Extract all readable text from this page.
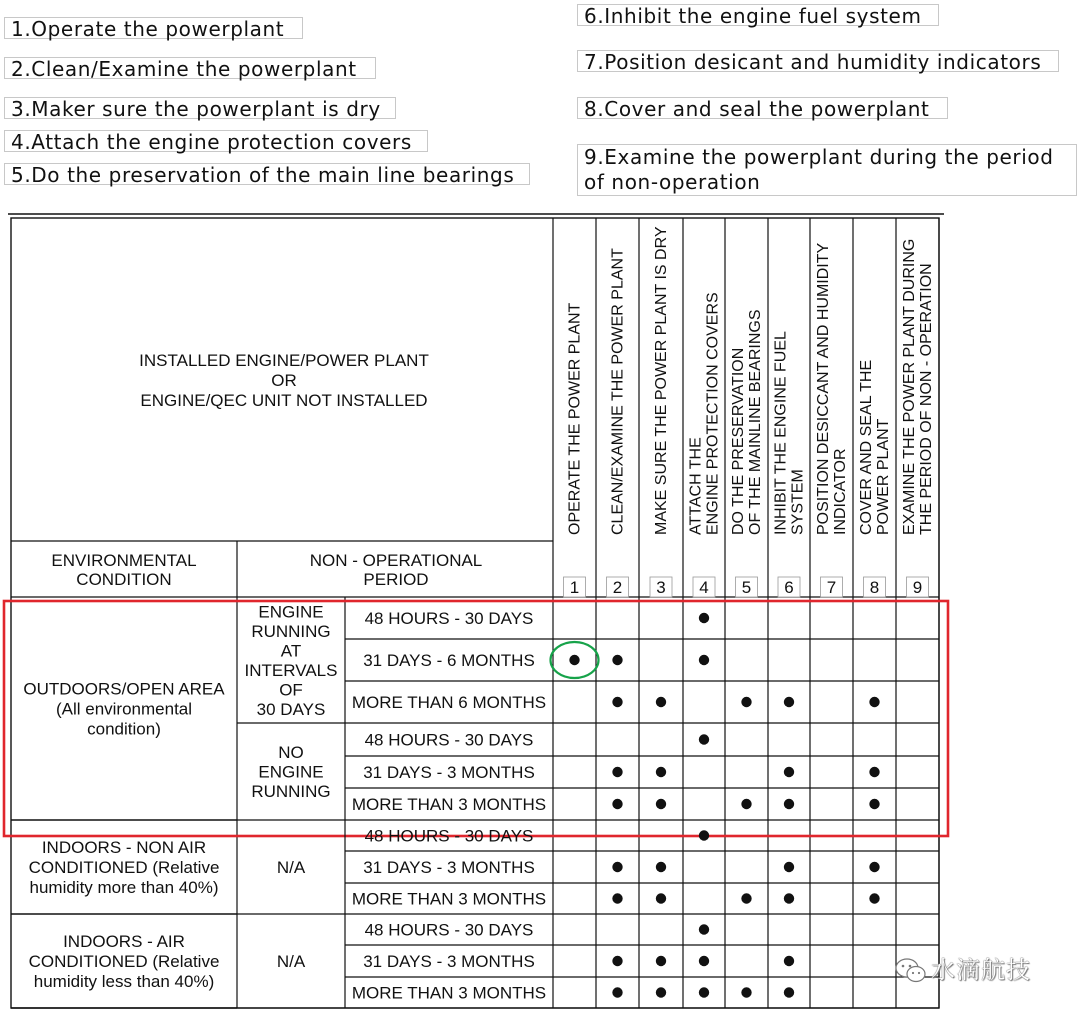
1.Operate the powerplant
2.Clean/Examine the powerplant
3.Maker sure the powerplant is dry
4.Attach the engine protection covers
5.Do the preservation of the main line bearings
6.Inhibit the engine fuel system
7.Position desicant and humidity indicators
8.Cover and seal the powerplant
9.Examine the powerplant during the period of non-operation
INSTALLED ENGINE/POWER PLANT
OR
ENGINE/QEC UNIT NOT INSTALLED
ENVIRONMENTAL
CONDITION
NON - OPERATIONAL
PERIOD
OPERATE THE POWER PLANT
1
CLEAN/EXAMINE THE POWER PLANT
2
MAKE SURE THE POWER PLANT IS DRY
3
ATTACH THE ENGINE PROTECTION COVERS
4
DO THE PRESERVATION OF THE MAINLINE BEARINGS
5
INHIBIT THE ENGINE FUEL SYSTEM
6
POSITION DESICCANT AND HUMIDITY INDICATOR
7
COVER AND SEAL THE POWER PLANT
8
EXAMINE THE POWER PLANT DURING THE PERIOD OF NON - OPERATION
9
48 HOURS - 30 DAYS
31 DAYS - 6 MONTHS
MORE THAN 6 MONTHS
ENGINE
RUNNING
AT
INTERVALS
OF
30 DAYS
48 HOURS - 30 DAYS
31 DAYS - 3 MONTHS
MORE THAN 3 MONTHS
NO
ENGINE
RUNNING
OUTDOORS/OPEN AREA
(All environmental
condition)
48 HOURS - 30 DAYS
31 DAYS - 3 MONTHS
MORE THAN 3 MONTHS
N/A
INDOORS - NON AIR
CONDITIONED (Relative
humidity more than 40%)
48 HOURS - 30 DAYS
31 DAYS - 3 MONTHS
MORE THAN 3 MONTHS
N/A
INDOORS - AIR
CONDITIONED (Relative
humidity less than 40%)	水滴航技
